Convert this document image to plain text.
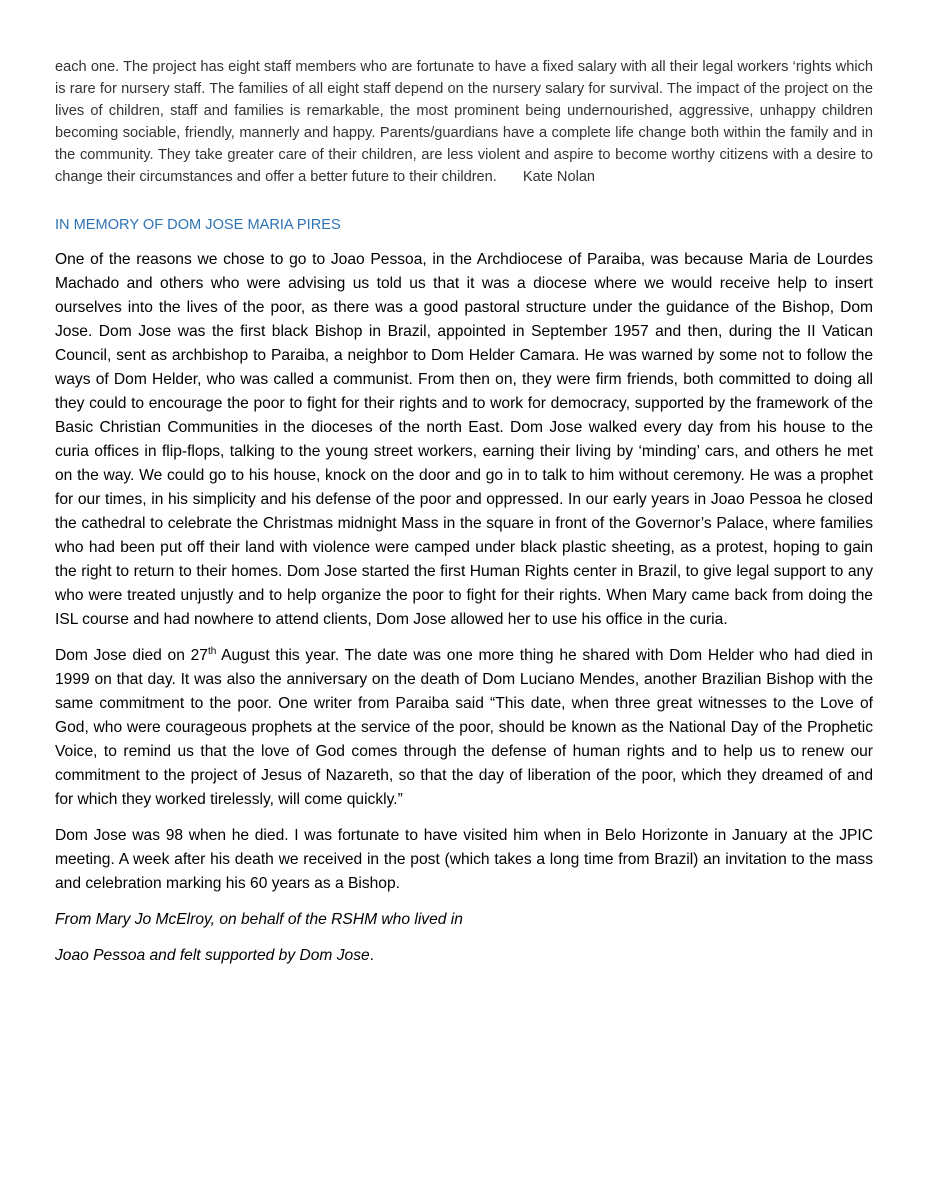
each one. The project has eight staff members who are fortunate to have a fixed salary with all their legal workers ‘rights which is rare for nursery staff. The families of all eight staff depend on the nursery salary for survival. The impact of the project on the lives of children, staff and families is remarkable, the most prominent being undernourished, aggressive, unhappy children becoming sociable, friendly, mannerly and happy. Parents/guardians have a complete life change both within the family and in the community. They take greater care of their children, are less violent and aspire to become worthy citizens with a desire to change their circumstances and offer a better future to their children. Kate Nolan

IN MEMORY OF DOM JOSE MARIA PIRES

One of the reasons we chose to go to Joao Pessoa, in the Archdiocese of Paraiba, was because Maria de Lourdes Machado and others who were advising us told us that it was a diocese where we would receive help to insert ourselves into the lives of the poor, as there was a good pastoral structure under the guidance of the Bishop, Dom Jose. Dom Jose was the first black Bishop in Brazil, appointed in September 1957 and then, during the II Vatican Council, sent as archbishop to Paraiba, a neighbor to Dom Helder Camara. He was warned by some not to follow the ways of Dom Helder, who was called a communist. From then on, they were firm friends, both committed to doing all they could to encourage the poor to fight for their rights and to work for democracy, supported by the framework of the Basic Christian Communities in the dioceses of the north East. Dom Jose walked every day from his house to the curia offices in flip-flops, talking to the young street workers, earning their living by ‘minding’ cars, and others he met on the way. We could go to his house, knock on the door and go in to talk to him without ceremony. He was a prophet for our times, in his simplicity and his defense of the poor and oppressed. In our early years in Joao Pessoa he closed the cathedral to celebrate the Christmas midnight Mass in the square in front of the Governor’s Palace, where families who had been put off their land with violence were camped under black plastic sheeting, as a protest, hoping to gain the right to return to their homes. Dom Jose started the first Human Rights center in Brazil, to give legal support to any who were treated unjustly and to help organize the poor to fight for their rights. When Mary came back from doing the ISL course and had nowhere to attend clients, Dom Jose allowed her to use his office in the curia.

Dom Jose died on 27th August this year. The date was one more thing he shared with Dom Helder who had died in 1999 on that day. It was also the anniversary on the death of Dom Luciano Mendes, another Brazilian Bishop with the same commitment to the poor. One writer from Paraiba said “This date, when three great witnesses to the Love of God, who were courageous prophets at the service of the poor, should be known as the National Day of the Prophetic Voice, to remind us that the love of God comes through the defense of human rights and to help us to renew our commitment to the project of Jesus of Nazareth, so that the day of liberation of the poor, which they dreamed of and for which they worked tirelessly, will come quickly.”

Dom Jose was 98 when he died. I was fortunate to have visited him when in Belo Horizonte in January at the JPIC meeting. A week after his death we received in the post (which takes a long time from Brazil) an invitation to the mass and celebration marking his 60 years as a Bishop.

From Mary Jo McElroy, on behalf of the RSHM who lived in

Joao Pessoa and felt supported by Dom Jose.
